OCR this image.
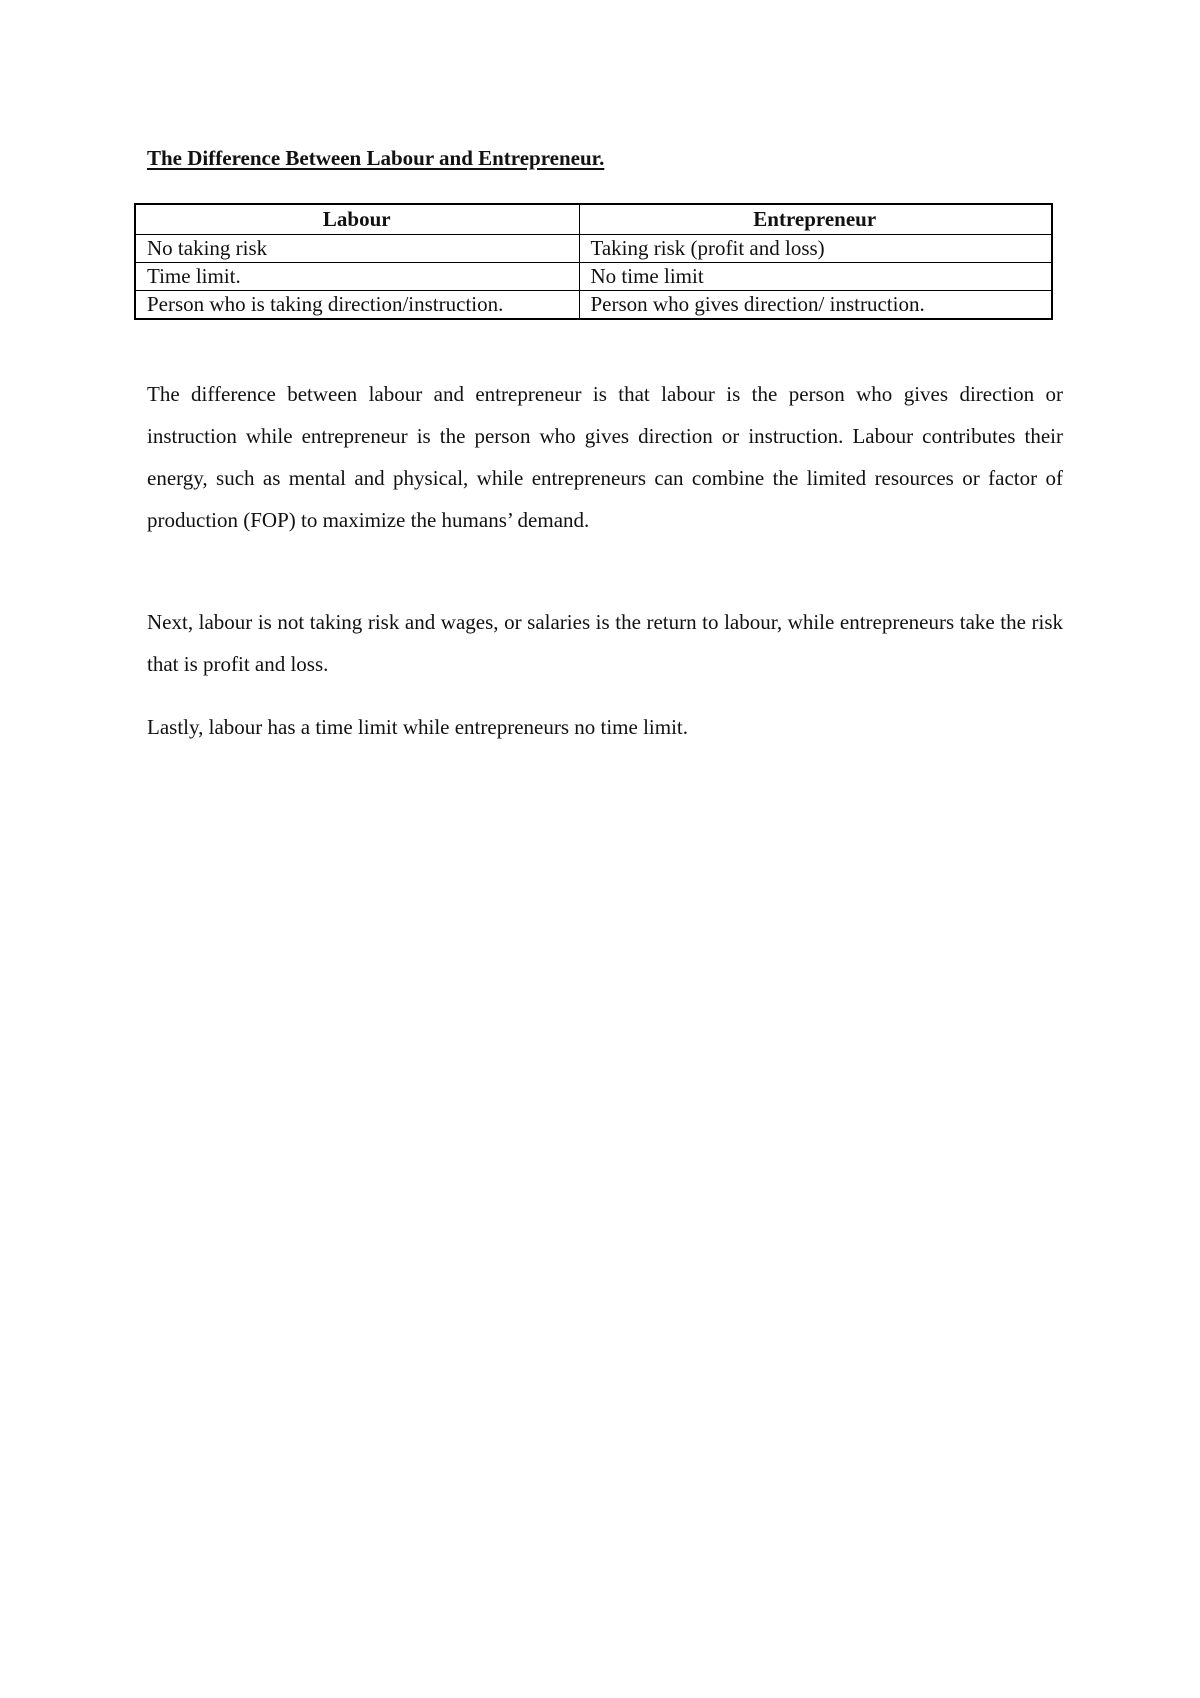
The Difference Between Labour and Entrepreneur.
Labour	Entrepreneur
No taking risk	Taking risk (profit and loss)
Time limit.	No time limit
Person who is taking direction/instruction.	Person who gives direction/ instruction.

The difference between labour and entrepreneur is that labour is the person who gives direction or instruction while entrepreneur is the person who gives direction or instruction. Labour contributes their energy, such as mental and physical, while entrepreneurs can combine the limited resources or factor of production (FOP) to maximize the humans’ demand.

Next, labour is not taking risk and wages, or salaries is the return to labour, while entrepreneurs take the risk that is profit and loss.

Lastly, labour has a time limit while entrepreneurs no time limit.
